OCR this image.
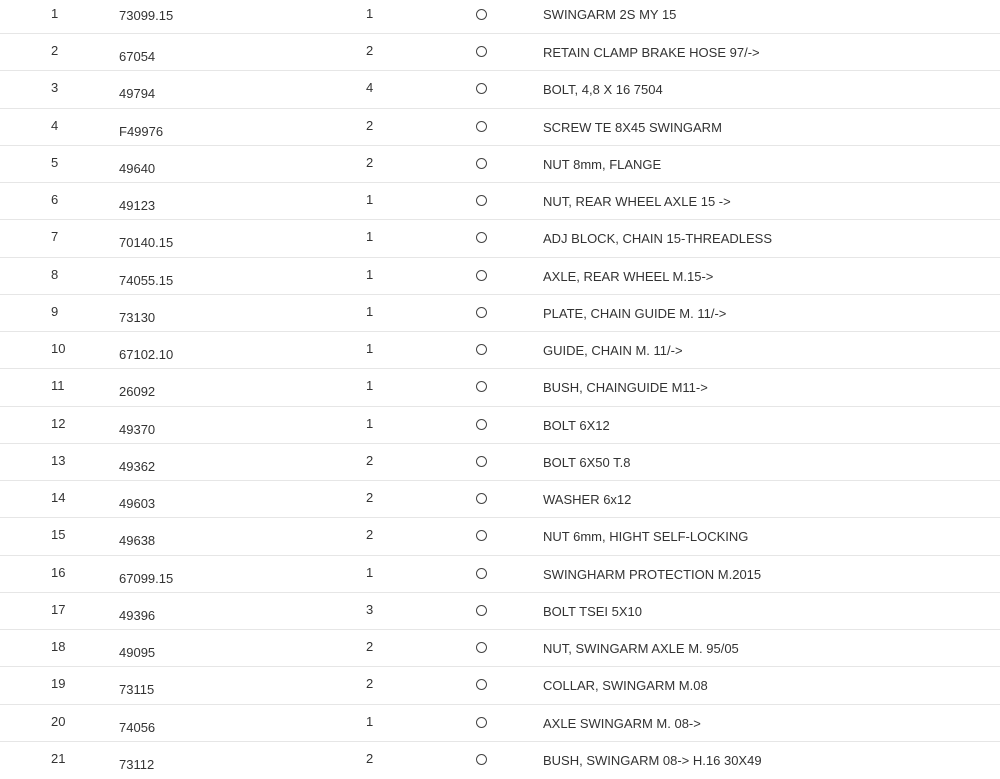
1	73099.15	1	SWINGARM 2S MY 15
2	67054	2	RETAIN CLAMP BRAKE HOSE 97/->
3	49794	4	BOLT, 4,8 X 16 7504
4	F49976	2	SCREW TE 8X45 SWINGARM
5	49640	2	NUT 8mm, FLANGE
6	49123	1	NUT, REAR WHEEL AXLE 15 ->
7	70140.15	1	ADJ BLOCK, CHAIN 15-THREADLESS
8	74055.15	1	AXLE, REAR WHEEL M.15->
9	73130	1	PLATE, CHAIN GUIDE M. 11/->
10	67102.10	1	GUIDE, CHAIN M. 11/->
11	26092	1	BUSH, CHAINGUIDE M11->
12	49370	1	BOLT 6X12
13	49362	2	BOLT 6X50 T.8
14	49603	2	WASHER 6x12
15	49638	2	NUT 6mm, HIGHT SELF-LOCKING
16	67099.15	1	SWINGHARM PROTECTION M.2015
17	49396	3	BOLT TSEI 5X10
18	49095	2	NUT, SWINGARM AXLE M. 95/05
19	73115	2	COLLAR, SWINGARM M.08
20	74056	1	AXLE SWINGARM M. 08->
21	73112	2	BUSH, SWINGARM 08-> H.16 30X49
